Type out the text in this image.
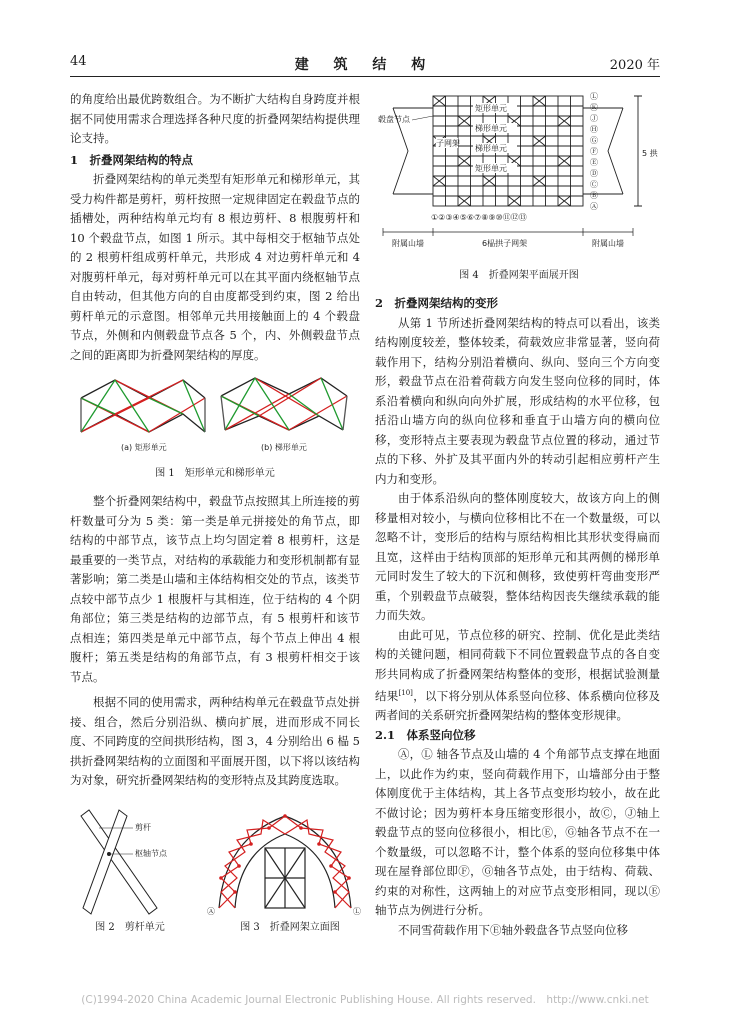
44	建 筑 结 构	2020 年

的角度给出最优跨数组合。为不断扩大结构自身跨度并根据不同使用需求合理选择各种尺度的折叠网架结构提供理论支持。

1　折叠网架结构的特点

折叠网架结构的单元类型有矩形单元和梯形单元，其受力构件都是剪杆，剪杆按照一定规律固定在毂盘节点的插槽处，两种结构单元均有 8 根边剪杆、8 根腹剪杆和 10 个毂盘节点，如图 1 所示。其中每相交于枢轴节点处的 2 根剪杆组成剪杆单元，共形成 4 对边剪杆单元和 4 对腹剪杆单元，每对剪杆单元可以在其平面内绕枢轴节点自由转动，但其他方向的自由度都受到约束，图 2 给出剪杆单元的示意图。相邻单元共用接触面上的 4 个毂盘节点，外侧和内侧毂盘节点各 5 个，内、外侧毂盘节点之间的距离即为折叠网架结构的厚度。

(a) 矩形单元	(b) 梯形单元
图 1　矩形单元和梯形单元

整个折叠网架结构中，毂盘节点按照其上所连接的剪杆数量可分为 5 类：第一类是单元拼接处的角节点，即结构的中部节点，该节点上均匀固定着 8 根剪杆，这是最重要的一类节点，对结构的承载能力和变形机制都有显著影响；第二类是山墙和主体结构相交处的节点，该类节点较中部节点少 1 根腹杆与其相连，位于结构的 4 个阴角部位；第三类是结构的边部节点，有 5 根剪杆和该节点相连；第四类是单元中部节点，每个节点上伸出 4 根腹杆；第五类是结构的角部节点，有 3 根剪杆相交于该节点。

根据不同的使用需求，两种结构单元在毂盘节点处拼接、组合，然后分别沿纵、横向扩展，进而形成不同长度、不同跨度的空间拱形结构，图 3，4 分别给出 6 榀 5 拱折叠网架结构的立面图和平面展开图，以下将以该结构为对象，研究折叠网架结构的变形特点及其跨度选取。

剪杆
枢轴节点
图 2　剪杆单元
Ⓐ	Ⓛ
图 3　折叠网架立面图
矩形单元
梯形单元
梯形单元
矩形单元
子网架
毂盘节点
5 拱
Ⓛ
Ⓚ
Ⓙ
Ⓗ
Ⓖ
Ⓕ
Ⓔ
Ⓓ
Ⓒ
Ⓑ
Ⓐ
①②③④⑤⑥⑦⑧⑨⑩⑪⑫⑬
附属山墙	6榀拱子网架	附属山墙
图 4　折叠网架平面展开图

2　折叠网架结构的变形

从第 1 节所述折叠网架结构的特点可以看出，该类结构刚度较差，整体较柔，荷载效应非常显著，竖向荷载作用下，结构分别沿着横向、纵向、竖向三个方向变形，毂盘节点在沿着荷载方向发生竖向位移的同时，体系沿着横向和纵向向外扩展，形成结构的水平位移，包括沿山墙方向的纵向位移和垂直于山墙方向的横向位移，变形特点主要表现为毂盘节点位置的移动，通过节点的下移、外扩及其平面内外的转动引起相应剪杆产生内力和变形。

由于体系沿纵向的整体刚度较大，故该方向上的侧移量相对较小，与横向位移相比不在一个数量级，可以忽略不计，变形后的结构与原结构相比其形状变得扁而且宽，这样由于结构顶部的矩形单元和其两侧的梯形单元同时发生了较大的下沉和侧移，致使剪杆弯曲变形严重，个别毂盘节点破裂，整体结构因丧失继续承载的能力而失效。

由此可见，节点位移的研究、控制、优化是此类结构的关键问题，相同荷载下不同位置毂盘节点的各自变形共同构成了折叠网架结构整体的变形，根据试验测量结果[10]，以下将分别从体系竖向位移、体系横向位移及两者间的关系研究折叠网架结构的整体变形规律。

2.1　体系竖向位移

Ⓐ，Ⓛ 轴各节点及山墙的 4 个角部节点支撑在地面上，以此作为约束，竖向荷载作用下，山墙部分由于整体刚度优于主体结构，其上各节点变形均较小，故在此不做讨论；因为剪杆本身压缩变形很小，故Ⓒ，Ⓙ轴上毂盘节点的竖向位移很小，相比Ⓔ，Ⓖ轴各节点不在一个数量级，可以忽略不计，整个体系的竖向位移集中体现在屋脊部位即Ⓕ，Ⓖ轴各节点处，由于结构、荷载、约束的对称性，这两轴上的对应节点变形相同，现以Ⓔ轴节点为例进行分析。

不同雪荷载作用下Ⓔ轴外毂盘各节点竖向位移

(C)1994-2020 China Academic Journal Electronic Publishing House. All rights reserved.　http://www.cnki.net
